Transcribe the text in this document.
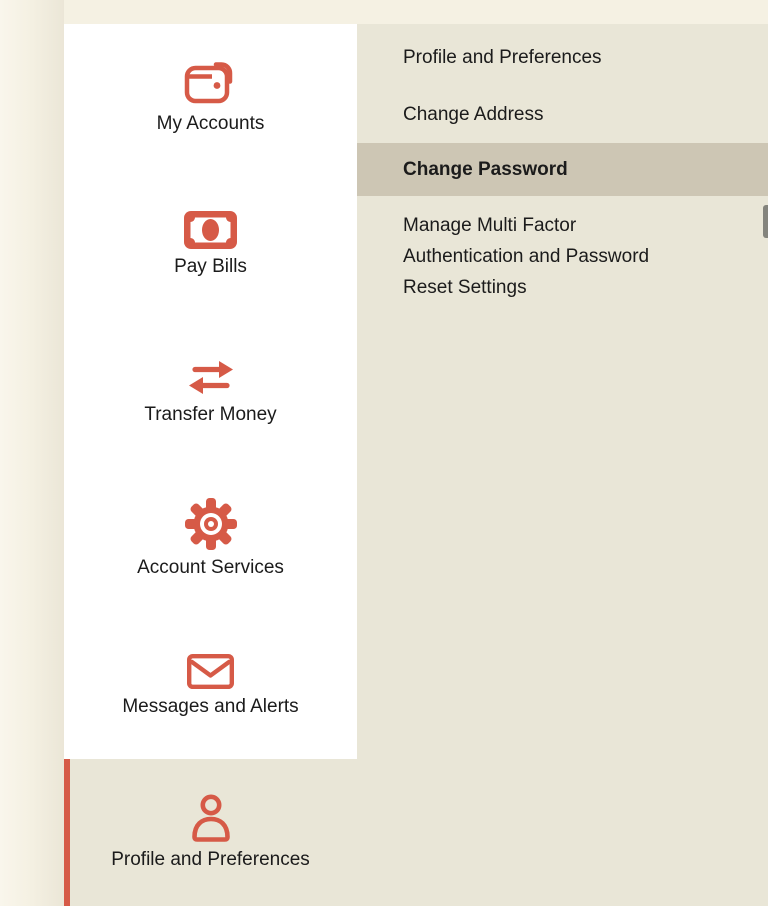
My Accounts
Pay Bills
Transfer Money
Account Services
Messages and Alerts
Profile and Preferences
Profile and Preferences
Change Address
Change Password
Manage Multi Factor Authentication and Password Reset Settings
